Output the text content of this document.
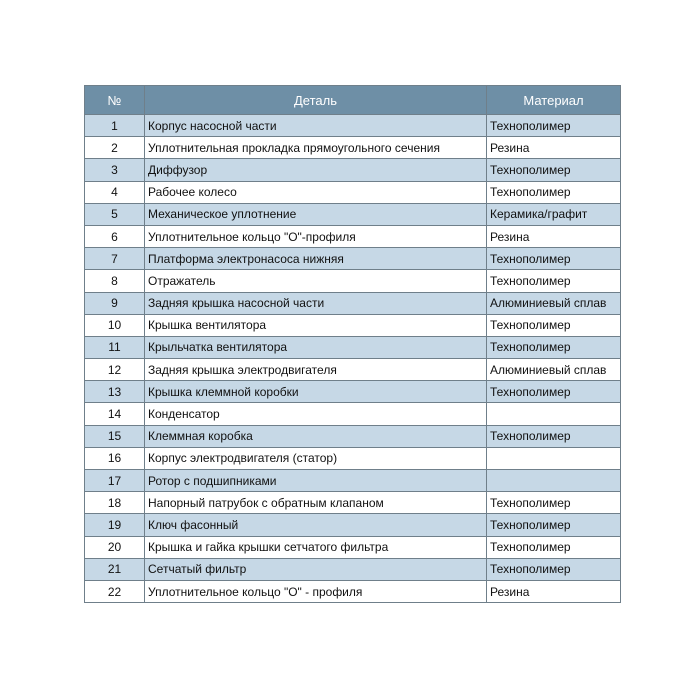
№	Деталь	Материал
1	Корпус насосной части	Технополимер
2	Уплотнительная прокладка прямоугольного сечения	Резина
3	Диффузор	Технополимер
4	Рабочее колесо	Технополимер
5	Механическое уплотнение	Керамика/графит
6	Уплотнительное кольцо "О"-профиля	Резина
7	Платформа электронасоса нижняя	Технополимер
8	Отражатель	Технополимер
9	Задняя крышка насосной части	Алюминиевый сплав
10	Крышка вентилятора	Технополимер
11	Крыльчатка вентилятора	Технополимер
12	Задняя крышка электродвигателя	Алюминиевый сплав
13	Крышка клеммной коробки	Технополимер
14	Конденсатор	
15	Клеммная коробка	Технополимер
16	Корпус электродвигателя (статор)	
17	Ротор с подшипниками	
18	Напорный патрубок с обратным клапаном	Технополимер
19	Ключ фасонный	Технополимер
20	Крышка и гайка крышки сетчатого фильтра	Технополимер
21	Сетчатый фильтр	Технополимер
22	Уплотнительное кольцо "О" - профиля	Резина
